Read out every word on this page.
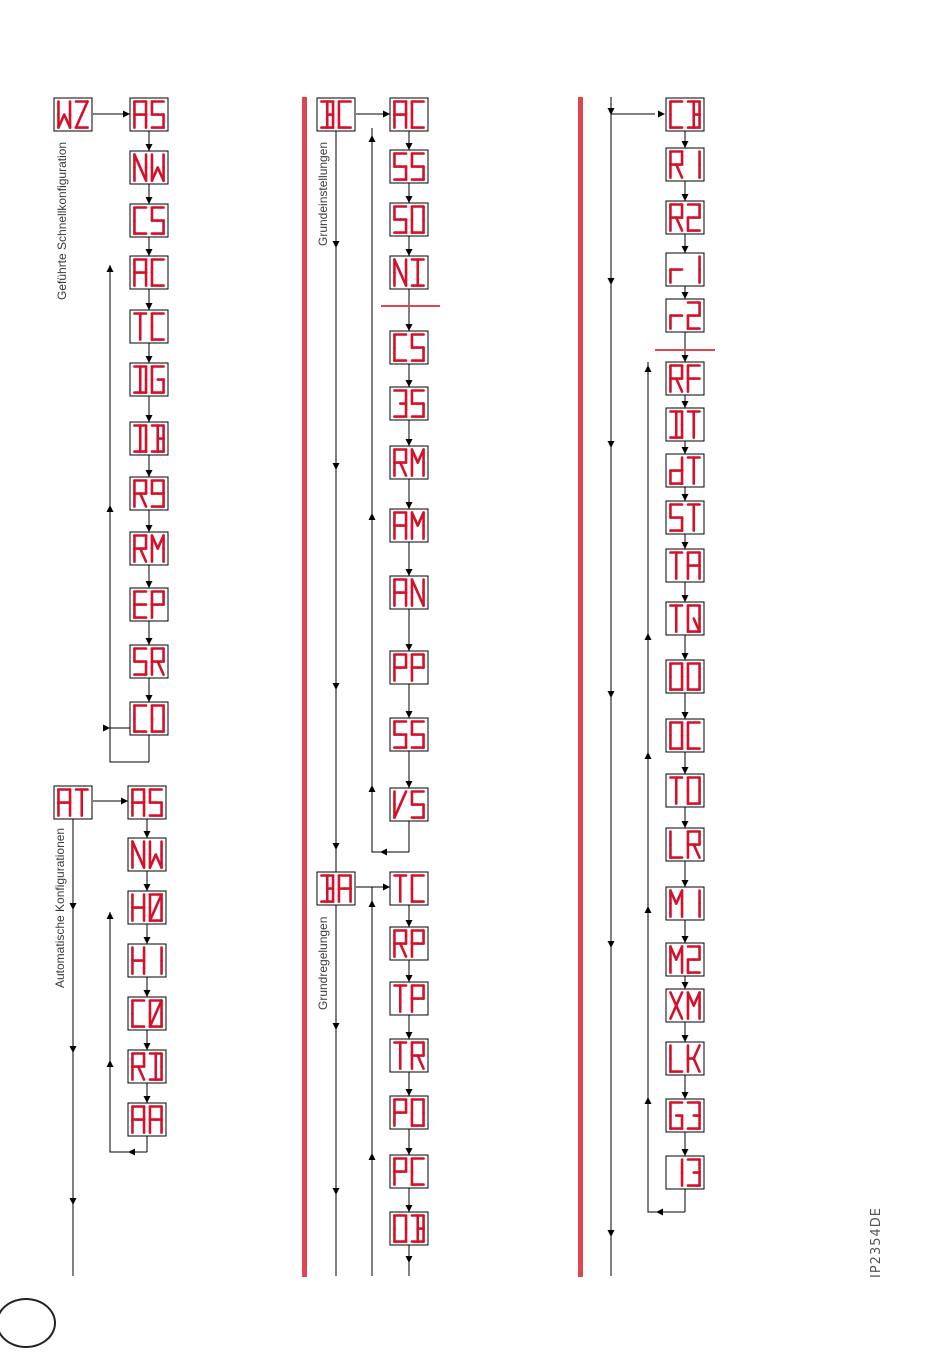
Geführte Schnellkonfiguration
Automatische Konfigurationen
Grundeinstellungen
Grundregelungen
IP2354DE
